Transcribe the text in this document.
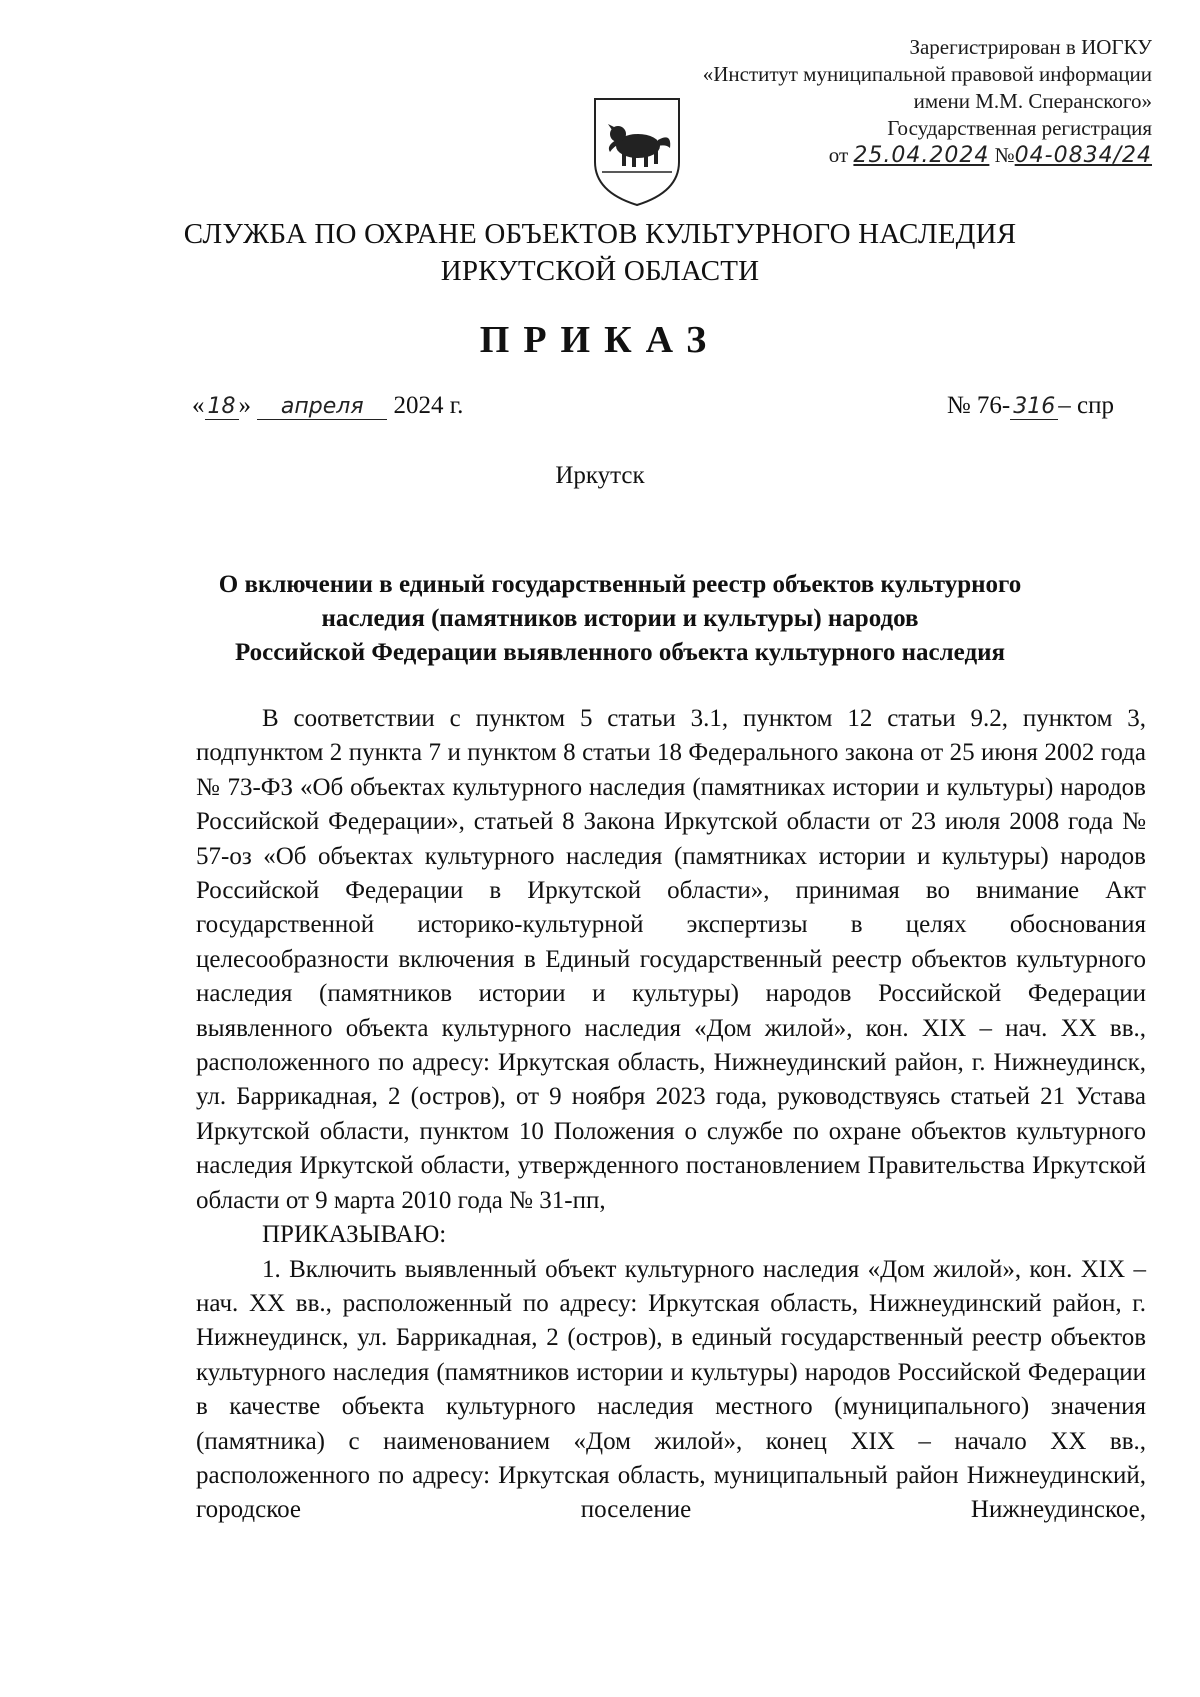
Зарегистрирован в ИОГКУ
«Институт муниципальной правовой информации
имени М.М. Сперанского»
Государственная регистрация
от 25.04.2024 №04-0834/24
СЛУЖБА ПО ОХРАНЕ ОБЪЕКТОВ КУЛЬТУРНОГО НАСЛЕДИЯ
ИРКУТСКОЙ ОБЛАСТИ
ПРИКАЗ
« 18 » апреля 2024 г.	№ 76- 316 – спр
Иркутск
О включении в единый государственный реестр объектов культурного
наследия (памятников истории и культуры) народов
Российской Федерации выявленного объекта культурного наследия
В соответствии с пунктом 5 статьи 3.1, пунктом 12 статьи 9.2, пунктом 3, подпунктом 2 пункта 7 и пунктом 8 статьи 18 Федерального закона от 25 июня 2002 года № 73-ФЗ «Об объектах культурного наследия (памятниках истории и культуры) народов Российской Федерации», статьей 8 Закона Иркутской области от 23 июля 2008 года № 57-оз «Об объектах культурного наследия (памятниках истории и культуры) народов Российской Федерации в Иркутской области», принимая во внимание Акт государственной историко-культурной экспертизы в целях обоснования целесообразности включения в Единый государственный реестр объектов культурного наследия (памятников истории и культуры) народов Российской Федерации выявленного объекта культурного наследия «Дом жилой», кон. XIX – нач. XX вв., расположенного по адресу: Иркутская область, Нижнеудинский район, г. Нижнеудинск, ул. Баррикадная, 2 (остров), от 9 ноября 2023 года, руководствуясь статьей 21 Устава Иркутской области, пунктом 10 Положения о службе по охране объектов культурного наследия Иркутской области, утвержденного постановлением Правительства Иркутской области от 9 марта 2010 года № 31-пп,
ПРИКАЗЫВАЮ:
1. Включить выявленный объект культурного наследия «Дом жилой», кон. XIX – нач. XX вв., расположенный по адресу: Иркутская область, Нижнеудинский район, г. Нижнеудинск, ул. Баррикадная, 2 (остров), в единый государственный реестр объектов культурного наследия (памятников истории и культуры) народов Российской Федерации в качестве объекта культурного наследия местного (муниципального) значения (памятника) с наименованием «Дом жилой», конец XIX – начало XX вв., расположенного по адресу: Иркутская область, муниципальный район Нижнеудинский, городское поселение Нижнеудинское,
